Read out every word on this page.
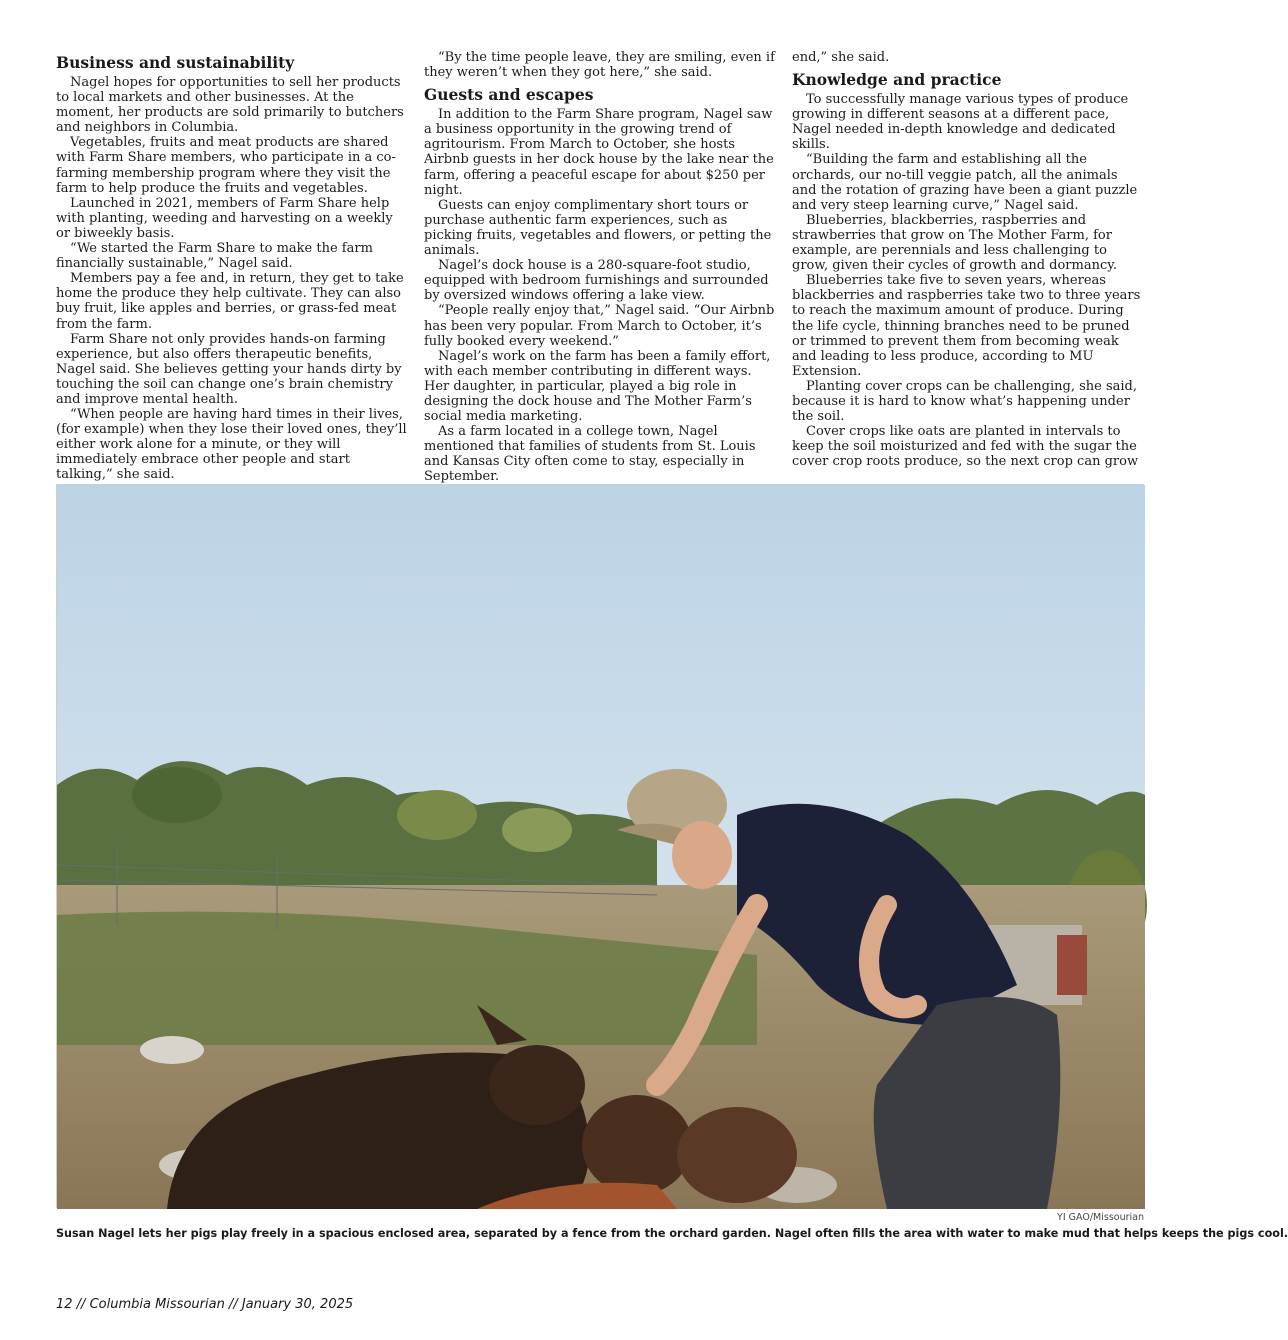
Business and sustainability

Nagel hopes for opportunities to sell her products to local markets and other businesses. At the moment, her products are sold primarily to butchers and neighbors in Columbia.

Vegetables, fruits and meat products are shared with Farm Share members, who participate in a co-farming membership program where they visit the farm to help produce the fruits and vegetables.

Launched in 2021, members of Farm Share help with planting, weeding and harvesting on a weekly or biweekly basis.

“We started the Farm Share to make the farm financially sustainable,” Nagel said.

Members pay a fee and, in return, they get to take home the produce they help cultivate. They can also buy fruit, like apples and berries, or grass-fed meat from the farm.

Farm Share not only provides hands-on farming experience, but also offers therapeutic benefits, Nagel said. She believes getting your hands dirty by touching the soil can change one’s brain chemistry and improve mental health.

“When people are having hard times in their lives, (for example) when they lose their loved ones, they’ll either work alone for a minute, or they will immediately embrace other people and start talking,” she said.

“By the time people leave, they are smiling, even if they weren’t when they got here,” she said.

Guests and escapes

In addition to the Farm Share program, Nagel saw a business opportunity in the growing trend of agritourism. From March to October, she hosts Airbnb guests in her dock house by the lake near the farm, offering a peaceful escape for about $250 per night.

Guests can enjoy complimentary short tours or purchase authentic farm experiences, such as picking fruits, vegetables and flowers, or petting the animals.

Nagel’s dock house is a 280-square-foot studio, equipped with bedroom furnishings and surrounded by oversized windows offering a lake view.

“People really enjoy that,” Nagel said. “Our Airbnb has been very popular. From March to October, it’s fully booked every weekend.”

Nagel’s work on the farm has been a family effort, with each member contributing in different ways. Her daughter, in particular, played a big role in designing the dock house and The Mother Farm’s social media marketing.

As a farm located in a college town, Nagel mentioned that families of students from St. Louis and Kansas City often come to stay, especially in September.

end,” she said.

Knowledge and practice

To successfully manage various types of produce growing in different seasons at a different pace, Nagel needed in-depth knowledge and dedicated skills.

“Building the farm and establishing all the orchards, our no-till veggie patch, all the animals and the rotation of grazing have been a giant puzzle and very steep learning curve,” Nagel said.

Blueberries, blackberries, raspberries and strawberries that grow on The Mother Farm, for example, are perennials and less challenging to grow, given their cycles of growth and dormancy.

Blueberries take five to seven years, whereas blackberries and raspberries take two to three years to reach the maximum amount of produce. During the life cycle, thinning branches need to be pruned or trimmed to prevent them from becoming weak and leading to less produce, according to MU Extension.

Planting cover crops can be challenging, she said, because it is hard to know what’s happening under the soil.

Cover crops like oats are planted in intervals to keep the soil moisturized and fed with the sugar the cover crop roots produce, so the next crop can grow

YI GAO/Missourian
Susan Nagel lets her pigs play freely in a spacious enclosed area, separated by a fence from the orchard garden. Nagel often fills the area with water to make mud that helps keeps the pigs cool.
12 // Columbia Missourian // January 30, 2025
